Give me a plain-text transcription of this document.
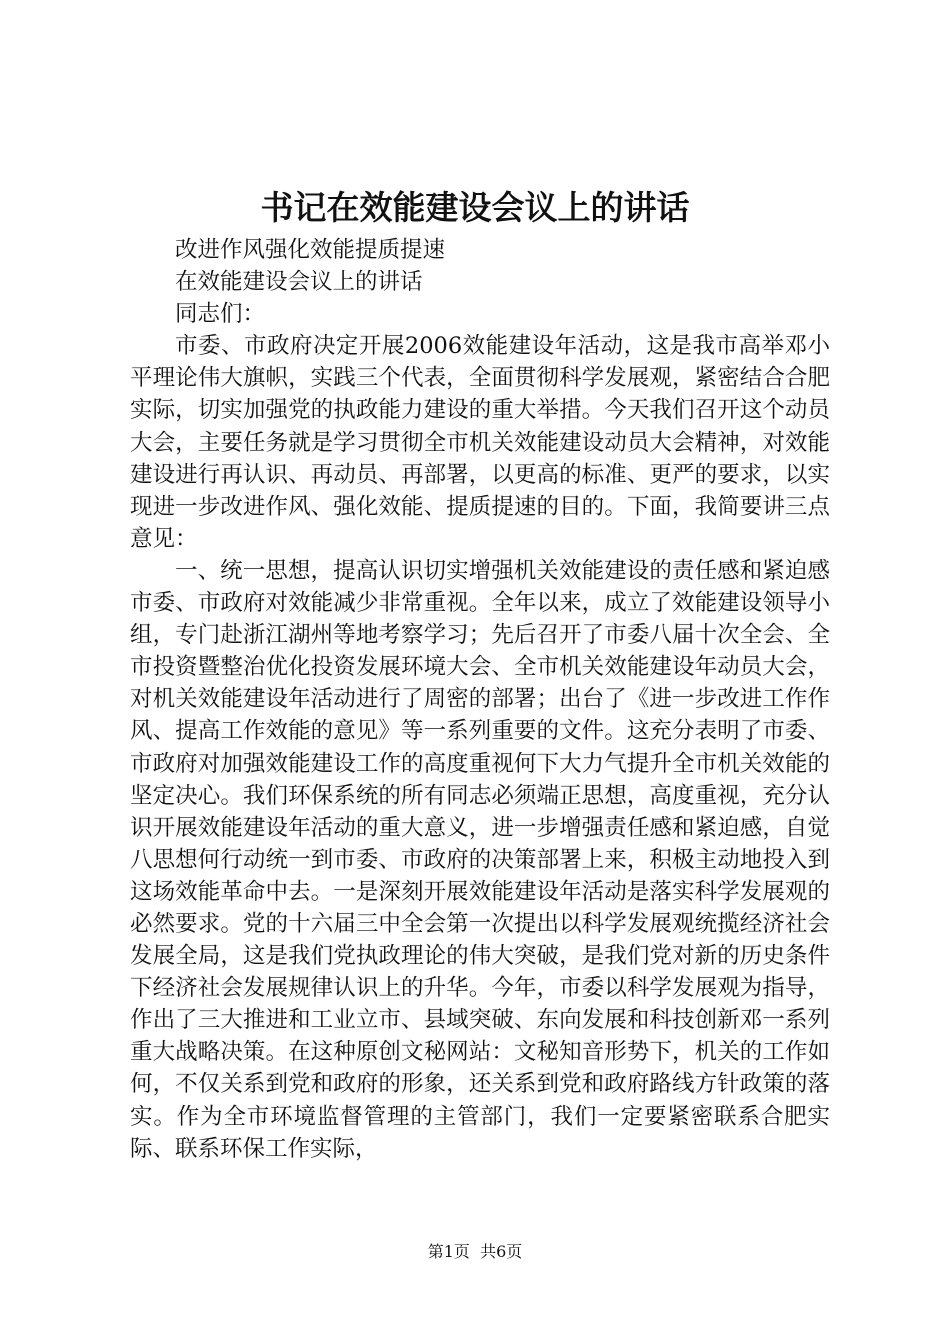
书记在效能建设会议上的讲话

改进作风强化效能提质提速

在效能建设会议上的讲话

同志们：

市委、市政府决定开展2006效能建设年活动，这是我市高举邓小平理论伟大旗帜，实践三个代表，全面贯彻科学发展观，紧密结合合肥实际，切实加强党的执政能力建设的重大举措。今天我们召开这个动员大会，主要任务就是学习贯彻全市机关效能建设动员大会精神，对效能建设进行再认识、再动员、再部署，以更高的标准、更严的要求，以实现进一步改进作风、强化效能、提质提速的目的。下面，我简要讲三点意见：

一、统一思想，提高认识切实增强机关效能建设的责任感和紧迫感市委、市政府对效能减少非常重视。全年以来，成立了效能建设领导小组，专门赴浙江湖州等地考察学习；先后召开了市委八届十次全会、全市投资暨整治优化投资发展环境大会、全市机关效能建设年动员大会，对机关效能建设年活动进行了周密的部署；出台了《进一步改进工作作风、提高工作效能的意见》等一系列重要的文件。这充分表明了市委、市政府对加强效能建设工作的高度重视何下大力气提升全市机关效能的坚定决心。我们环保系统的所有同志必须端正思想，高度重视，充分认识开展效能建设年活动的重大意义，进一步增强责任感和紧迫感，自觉八思想何行动统一到市委、市政府的决策部署上来，积极主动地投入到这场效能革命中去。一是深刻开展效能建设年活动是落实科学发展观的必然要求。党的十六届三中全会第一次提出以科学发展观统揽经济社会发展全局，这是我们党执政理论的伟大突破，是我们党对新的历史条件下经济社会发展规律认识上的升华。今年，市委以科学发展观为指导，作出了三大推进和工业立市、县域突破、东向发展和科技创新邓一系列重大战略决策。在这种原创文秘网站：文秘知音形势下，机关的工作如何，不仅关系到党和政府的形象，还关系到党和政府路线方针政策的落实。作为全市环境监督管理的主管部门，我们一定要紧密联系合肥实际、联系环保工作实际，

第1页 共6页
